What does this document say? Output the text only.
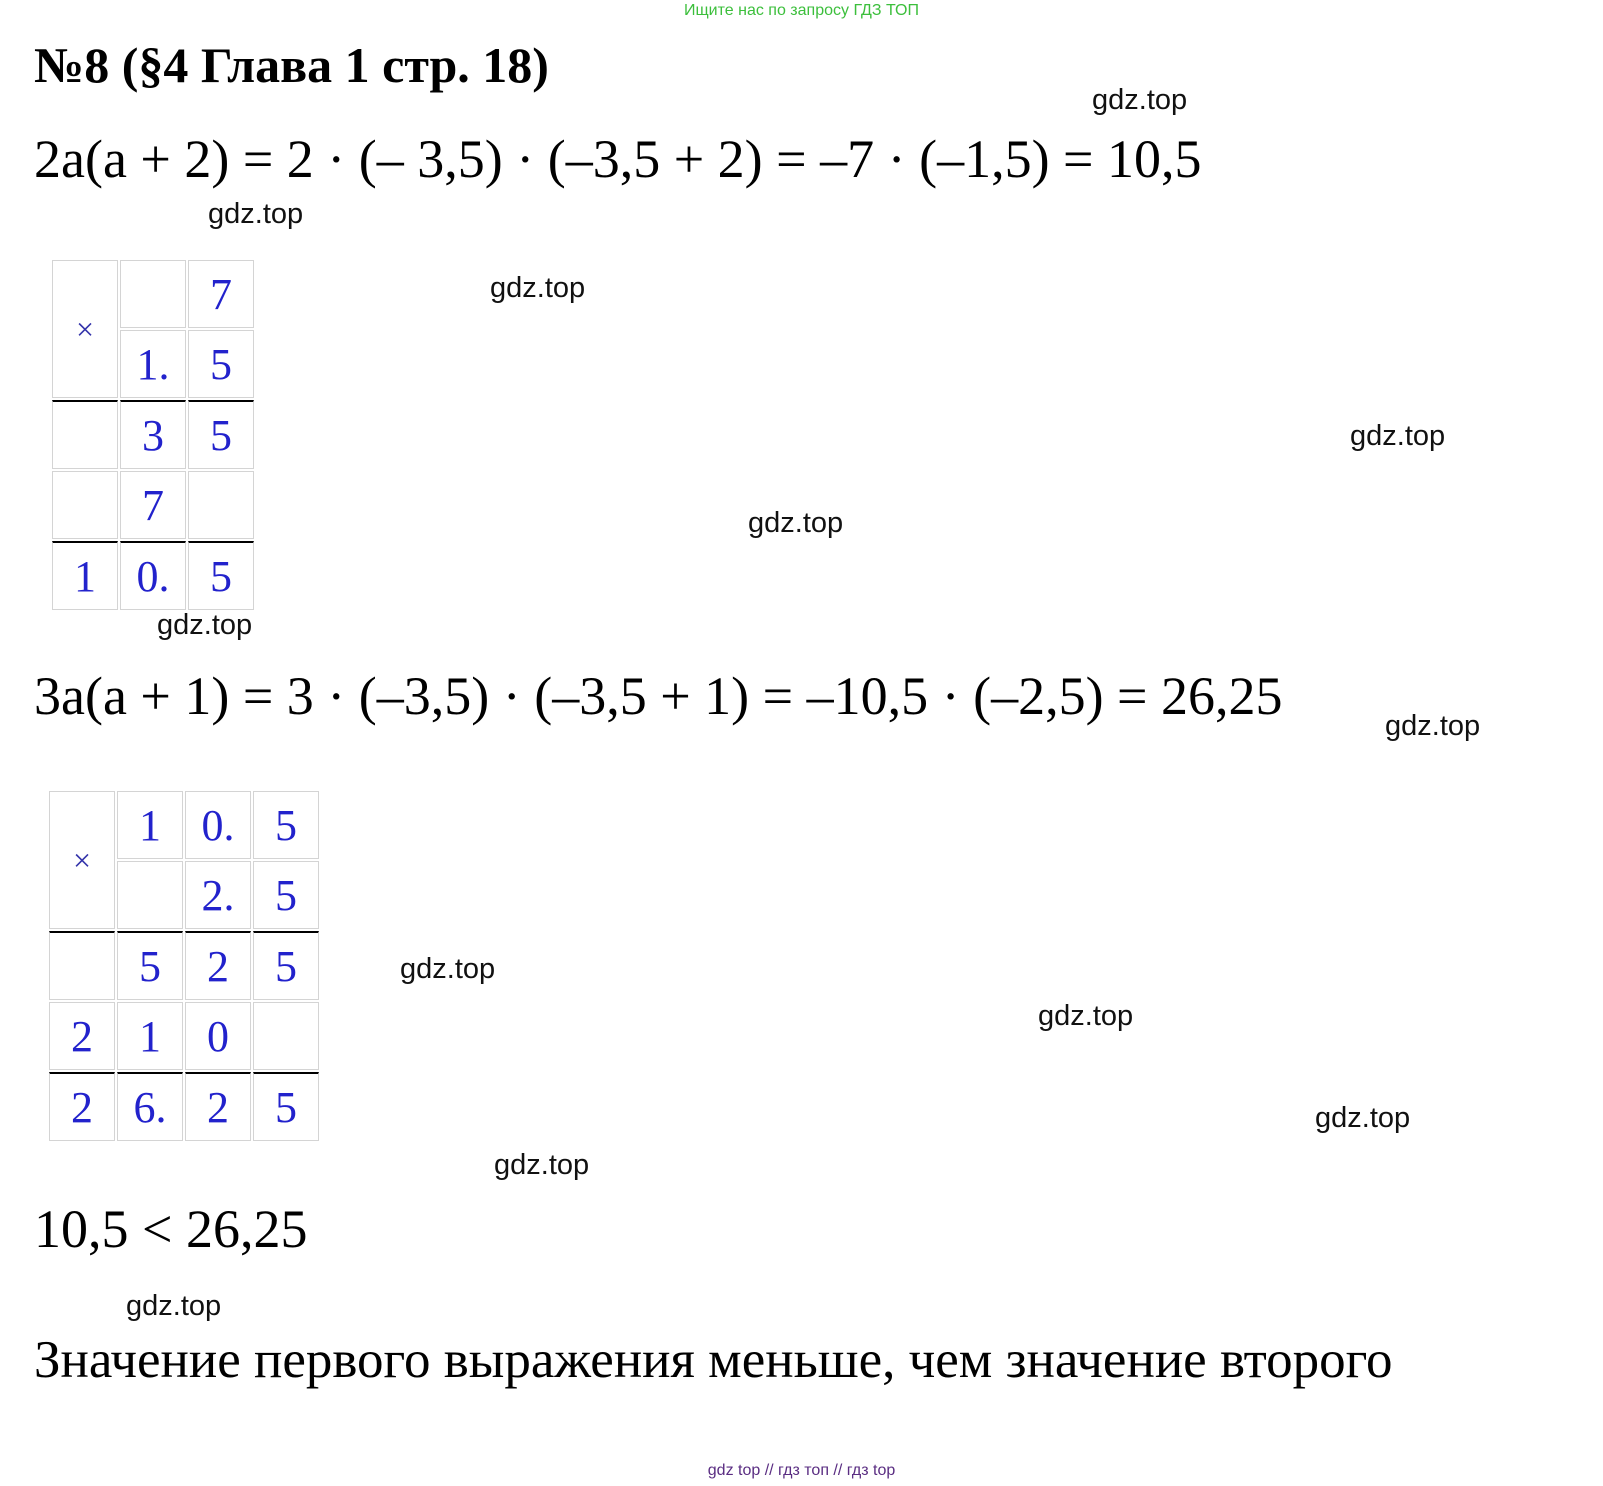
Ищите нас по запросу ГДЗ ТОП
№8 (§4 Глава 1 стр. 18)
2a(a + 2) = 2 · (– 3,5) · (–3,5 + 2) = –7 · (–1,5) = 10,5
×		7
	1.	5
	3	5
	7	
1	0.	5
3a(a + 1) = 3 · (–3,5) · (–3,5 + 1) = –10,5 · (–2,5) = 26,25
×	1	0.	5
		2.	5
	5	2	5
2	1	0	
2	6.	2	5
10,5 < 26,25
Значение первого выражения меньше, чем значение второго
gdz.top
gdz.top
gdz.top
gdz.top
gdz.top
gdz.top
gdz.top
gdz.top
gdz.top
gdz.top
gdz.top
gdz.top
gdz top // гдз топ // гдз top
